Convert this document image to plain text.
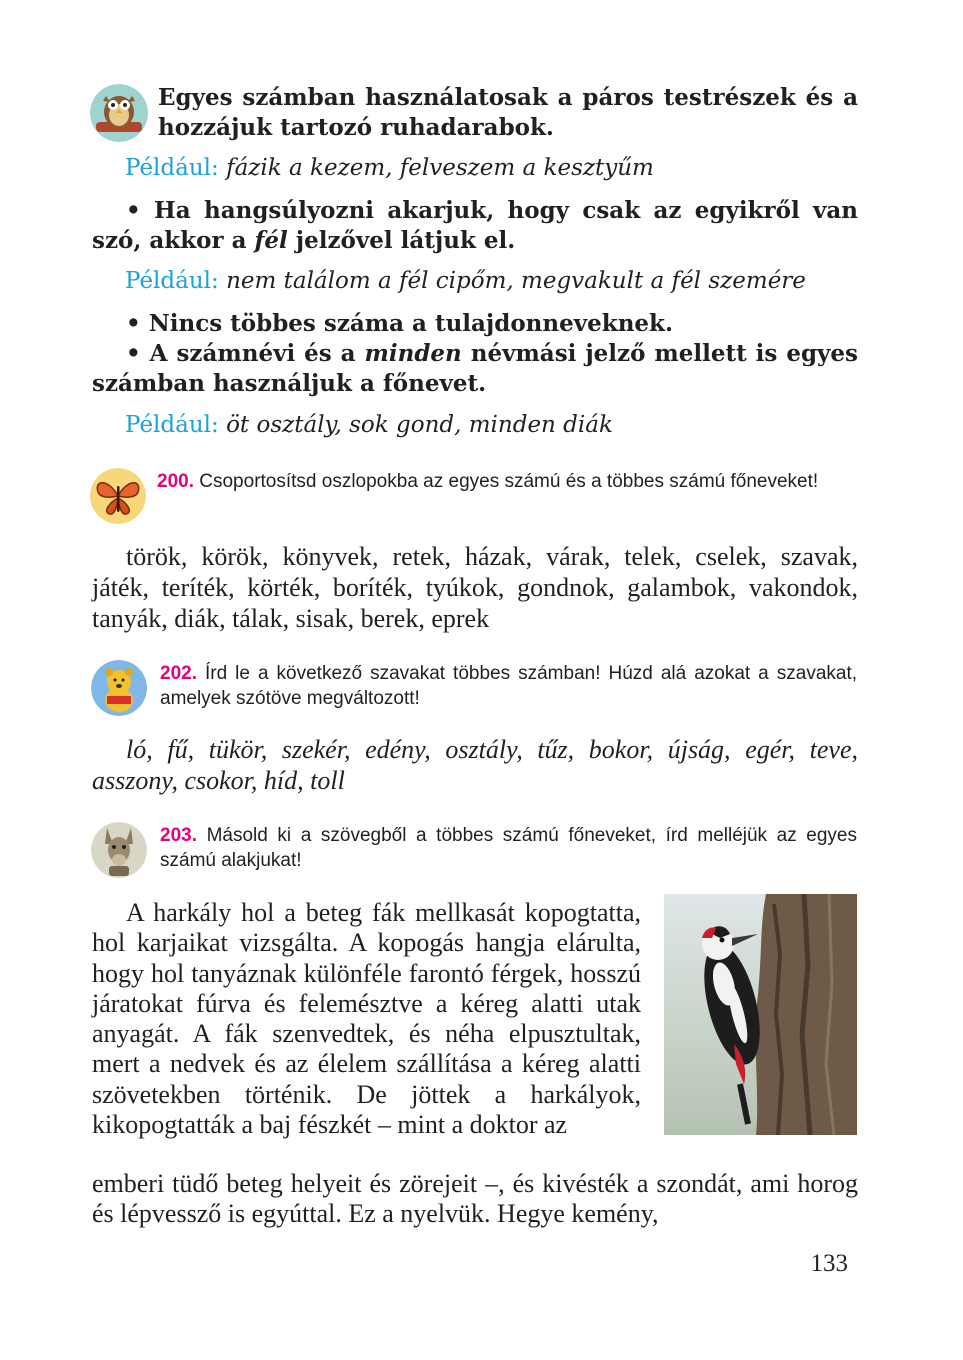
Egyes számban használatosak a páros testrészek és a hozzájuk tartozó ruhadarabok.
Például: fázik a kezem, felveszem a kesztyűm
• Ha hangsúlyozni akarjuk, hogy csak az egyikről van szó, akkor a fél jelzővel látjuk el.
Például: nem találom a fél cipőm, megvakult a fél szemére
• Nincs többes száma a tulajdonneveknek.
• A számnévi és a minden névmási jelző mellett is egyes számban használjuk a főnevet.
Például: öt osztály, sok gond, minden diák
200. Csoportosítsd oszlopokba az egyes számú és a többes számú főneveket!
török, körök, könyvek, retek, házak, várak, telek, cselek, szavak, játék, teríték, körték, boríték, tyúkok, gondnok, galambok, vakondok, tanyák, diák, tálak, sisak, berek, eprek
202. Írd le a következő szavakat többes számban! Húzd alá azokat a szavakat, amelyek szótöve megváltozott!
ló, fű, tükör, szekér, edény, osztály, tűz, bokor, újság, egér, teve, asszony, csokor, híd, toll
203. Másold ki a szövegből a többes számú főneveket, írd melléjük az egyes számú alakjukat!
A harkály hol a beteg fák mellkasát kopogtatta, hol karjaikat vizsgálta. A kopogás hangja elárulta, hogy hol tanyáznak különféle farontó férgek, hosszú járatokat fúrva és felemésztve a kéreg alatti utak anyagát. A fák szenvedtek, és néha elpusztultak, mert a nedvek és az élelem szállítása a kéreg alatti szövetekben történik. De jöttek a harkályok, kikopogtatták a baj fészkét – mint a doktor az
emberi tüdő beteg helyeit és zörejeit –, és kivésték a szondát, ami horog és lépvessző is egyúttal. Ez a nyelvük. Hegye kemény,
133
